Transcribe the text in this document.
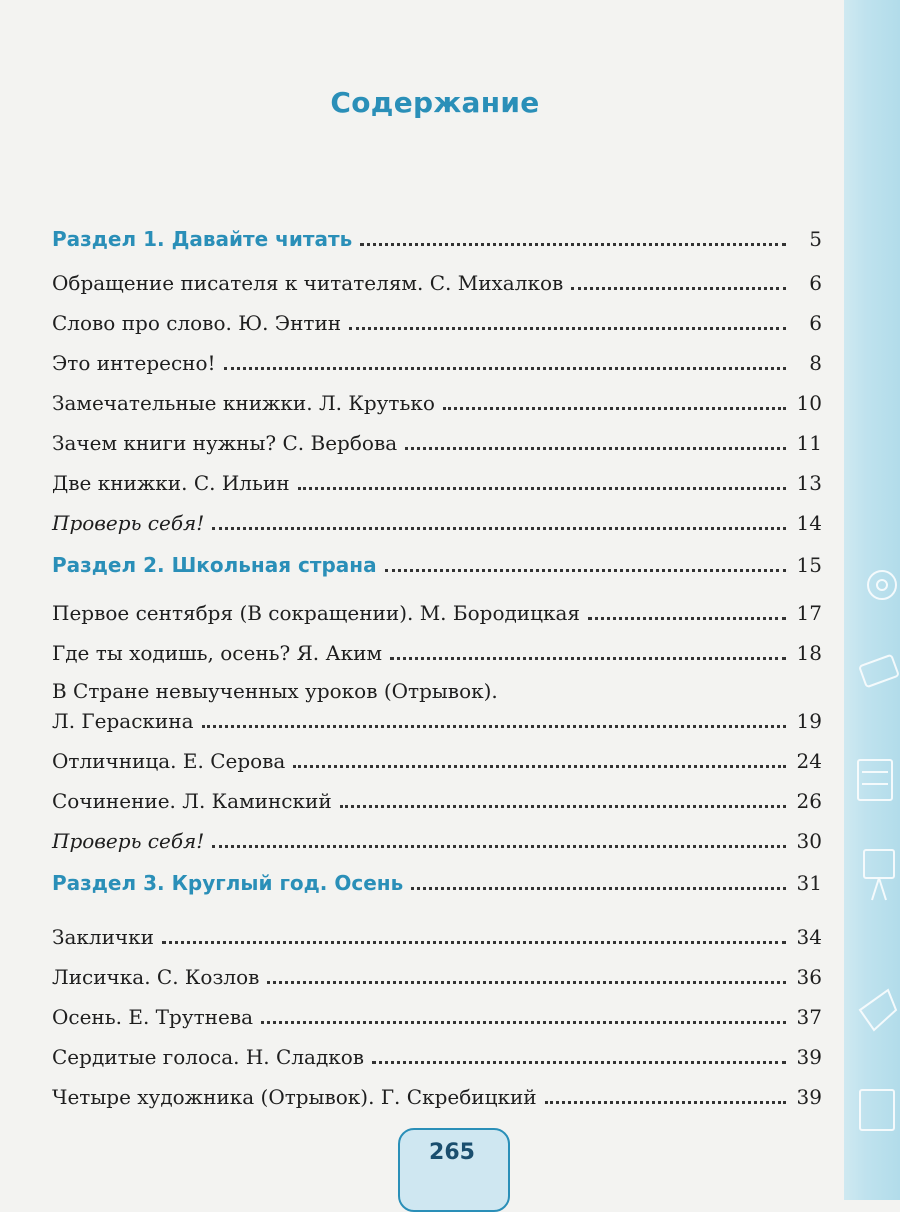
Содержание
Раздел 1. Давайте читать	5
Обращение писателя к читателям. С. Михалков	6
Слово про слово. Ю. Энтин	6
Это интересно!	8
Замечательные книжки. Л. Крутько	10
Зачем книги нужны? С. Вербова	11
Две книжки. С. Ильин	13
Проверь себя!	14
Раздел 2. Школьная страна	15
Первое сентября (В сокращении). М. Бородицкая	17
Где ты ходишь, осень? Я. Аким	18
В Стране невыученных уроков (Отрывок).
Л. Гераскина	19
Отличница. Е. Серова	24
Сочинение. Л. Каминский	26
Проверь себя!	30
Раздел 3. Круглый год. Осень	31
Заклички	34
Лисичка. С. Козлов	36
Осень. Е. Трутнева	37
Сердитые голоса. Н. Сладков	39
Четыре художника (Отрывок). Г. Скребицкий	39
265
